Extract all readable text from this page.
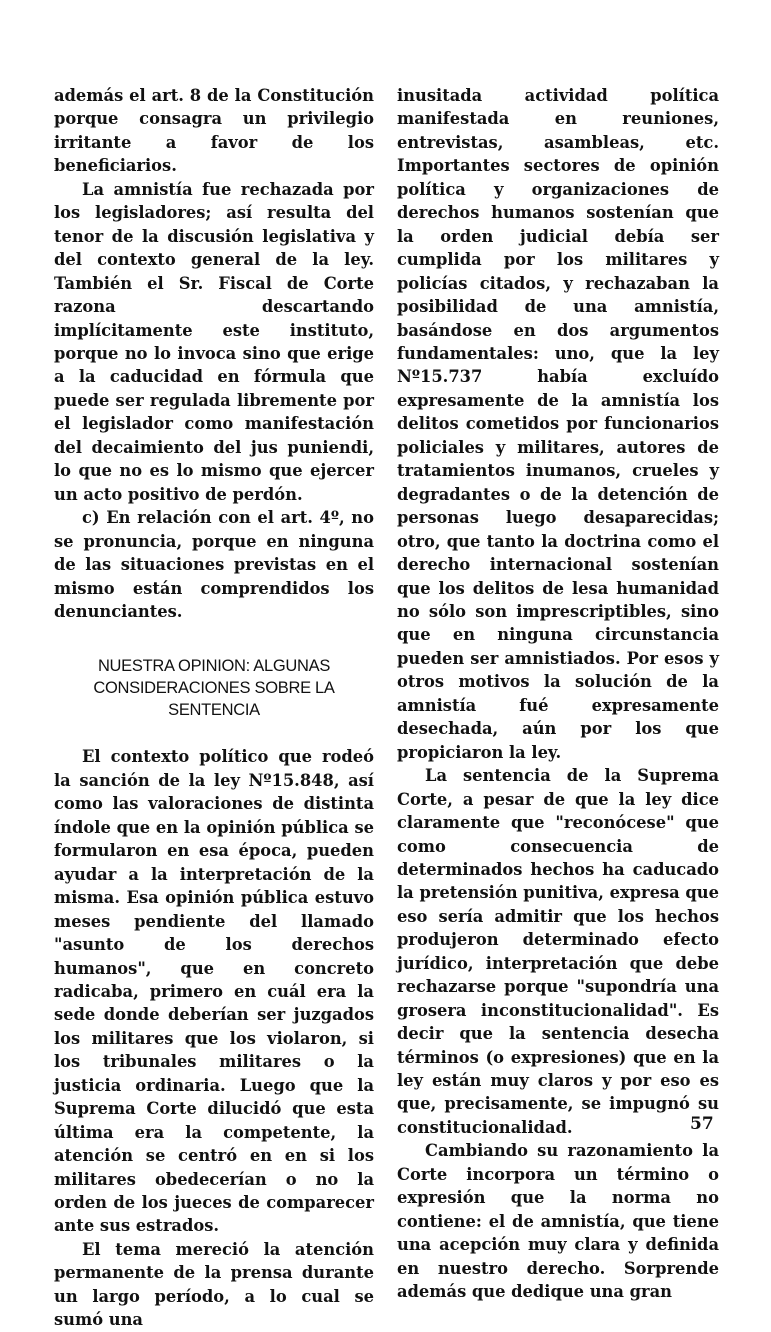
además el art. 8 de la Constitución porque consagra un privilegio irritante a favor de los beneficiarios.

La amnistía fue rechazada por los legisladores; así resulta del tenor de la discusión legislativa y del contexto general de la ley. También el Sr. Fiscal de Corte razona descartando implícitamente este instituto, porque no lo invoca sino que erige a la caducidad en fórmula que puede ser regulada libremente por el legislador como manifestación del decaimiento del jus puniendi, lo que no es lo mismo que ejercer un acto positivo de perdón.

c) En relación con el art. 4º, no se pronuncia, porque en ninguna de las situaciones previstas en el mismo están comprendidos los denunciantes.

NUESTRA OPINION: ALGUNAS
CONSIDERACIONES SOBRE LA
SENTENCIA

El contexto político que rodeó la sanción de la ley Nº15.848, así como las valoraciones de distinta índole que en la opinión pública se formularon en esa época, pueden ayudar a la interpretación de la misma. Esa opinión pública estuvo meses pendiente del llamado "asunto de los derechos humanos", que en concreto radicaba, primero en cuál era la sede donde deberían ser juzgados los militares que los violaron, si los tribunales militares o la justicia ordinaria. Luego que la Suprema Corte dilucidó que esta última era la competente, la atención se centró en en si los militares obedecerían o no la orden de los jueces de comparecer ante sus estrados.

El tema mereció la atención permanente de la prensa durante un largo período, a lo cual se sumó una

inusitada actividad política manifestada en reuniones, entrevistas, asambleas, etc. Importantes sectores de opinión política y organizaciones de derechos humanos sostenían que la orden judicial debía ser cumplida por los militares y policías citados, y rechazaban la posibilidad de una amnistía, basándose en dos argumentos fundamentales: uno, que la ley Nº15.737 había excluído expresamente de la amnistía los delitos cometidos por funcionarios policiales y militares, autores de tratamientos inumanos, crueles y degradantes o de la detención de personas luego desaparecidas; otro, que tanto la doctrina como el derecho internacional sostenían que los delitos de lesa humanidad no sólo son imprescriptibles, sino que en ninguna circunstancia pueden ser amnistiados. Por esos y otros motivos la solución de la amnistía fué expresamente desechada, aún por los que propiciaron la ley.

La sentencia de la Suprema Corte, a pesar de que la ley dice claramente que "reconócese" que como consecuencia de determinados hechos ha caducado la pretensión punitiva, expresa que eso sería admitir que los hechos produjeron determinado efecto jurídico, interpretación que debe rechazarse porque "supondría una grosera inconstitucionalidad". Es decir que la sentencia desecha términos (o expresiones) que en la ley están muy claros y por eso es que, precisamente, se impugnó su constitucionalidad.

Cambiando su razonamiento la Corte incorpora un término o expresión que la norma no contiene: el de amnistía, que tiene una acepción muy clara y definida en nuestro derecho. Sorprende además que dedique una gran

57
